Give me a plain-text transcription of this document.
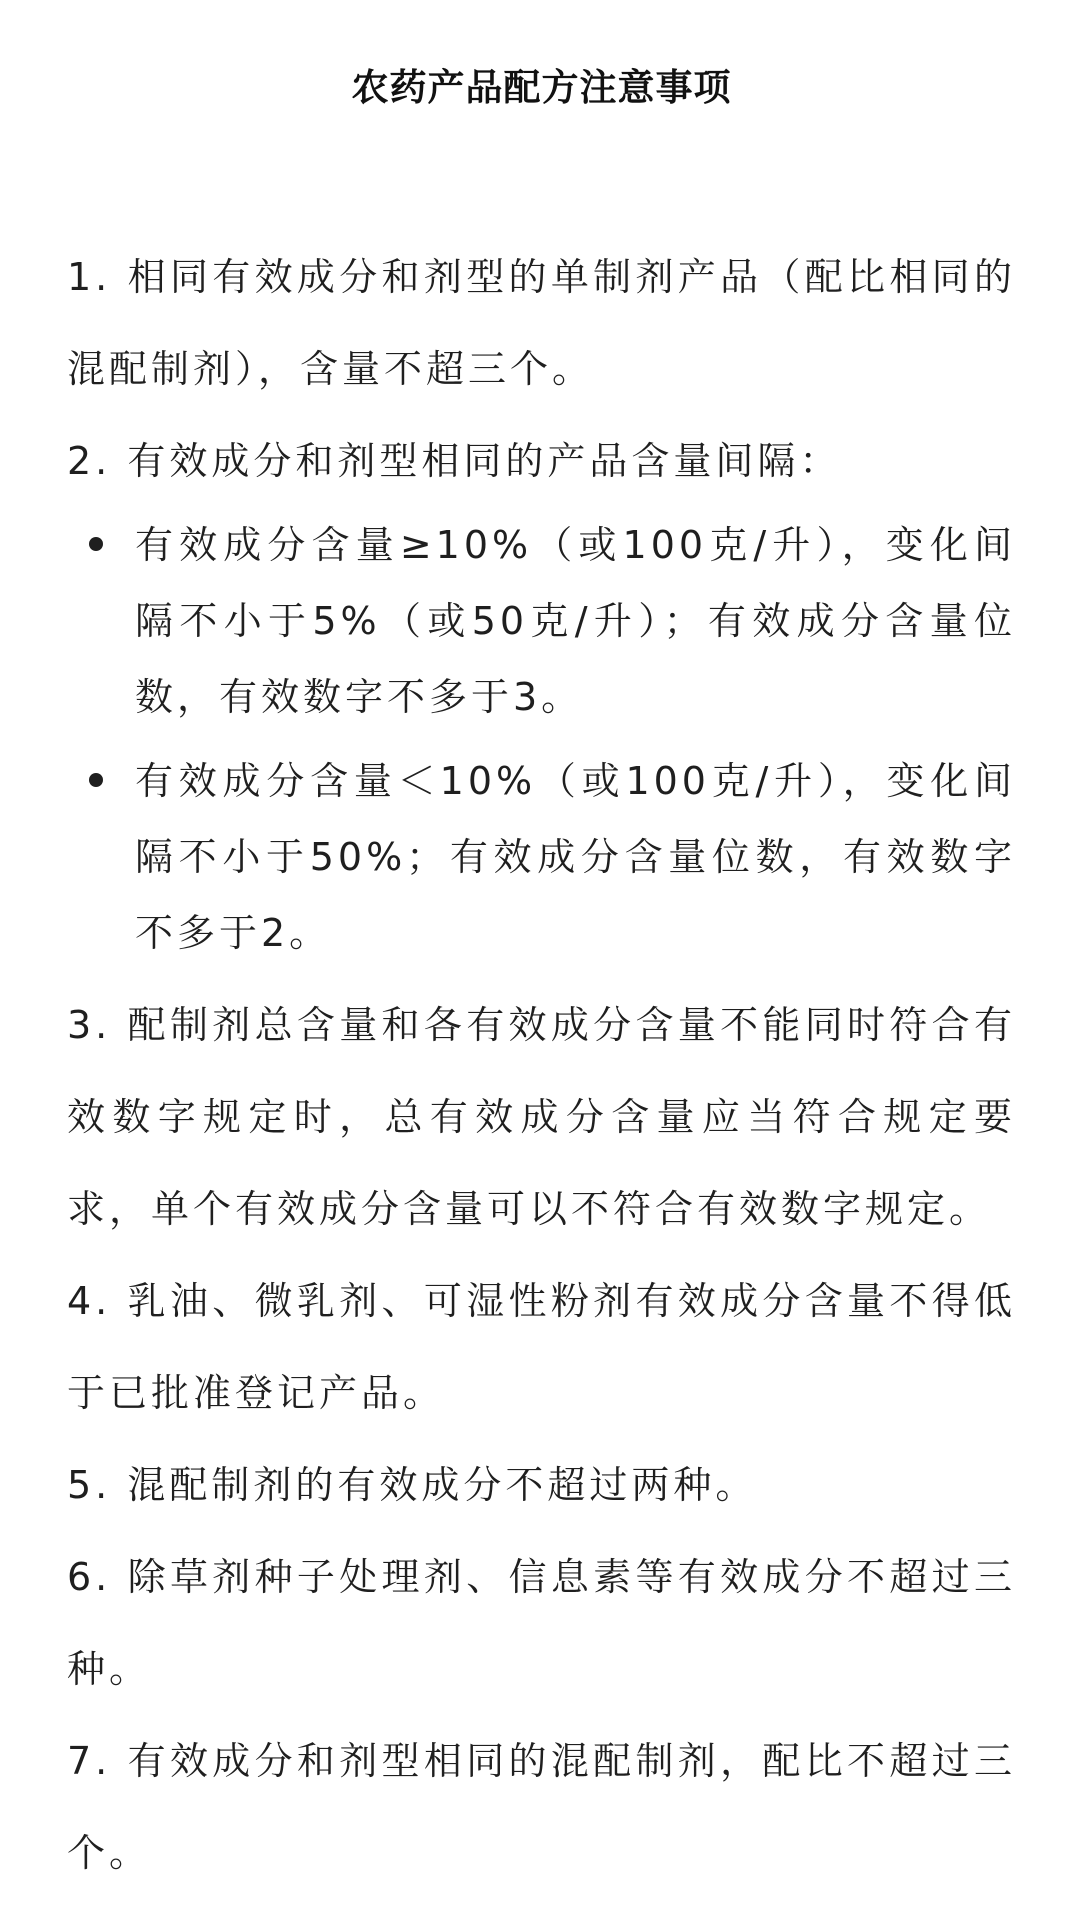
农药产品配方注意事项

1. 相同有效成分和剂型的单制剂产品（配比相同的混配制剂），含量不超三个。

2. 有效成分和剂型相同的产品含量间隔：

有效成分含量≥10%（或100克/升），变化间隔不小于5%（或50克/升）；有效成分含量位数，有效数字不多于3。
有效成分含量＜10%（或100克/升），变化间隔不小于50%；有效成分含量位数，有效数字不多于2。

3. 配制剂总含量和各有效成分含量不能同时符合有效数字规定时，总有效成分含量应当符合规定要求，单个有效成分含量可以不符合有效数字规定。

4. 乳油、微乳剂、可湿性粉剂有效成分含量不得低于已批准登记产品。

5. 混配制剂的有效成分不超过两种。

6. 除草剂种子处理剂、信息素等有效成分不超过三种。

7. 有效成分和剂型相同的混配制剂，配比不超过三个。
